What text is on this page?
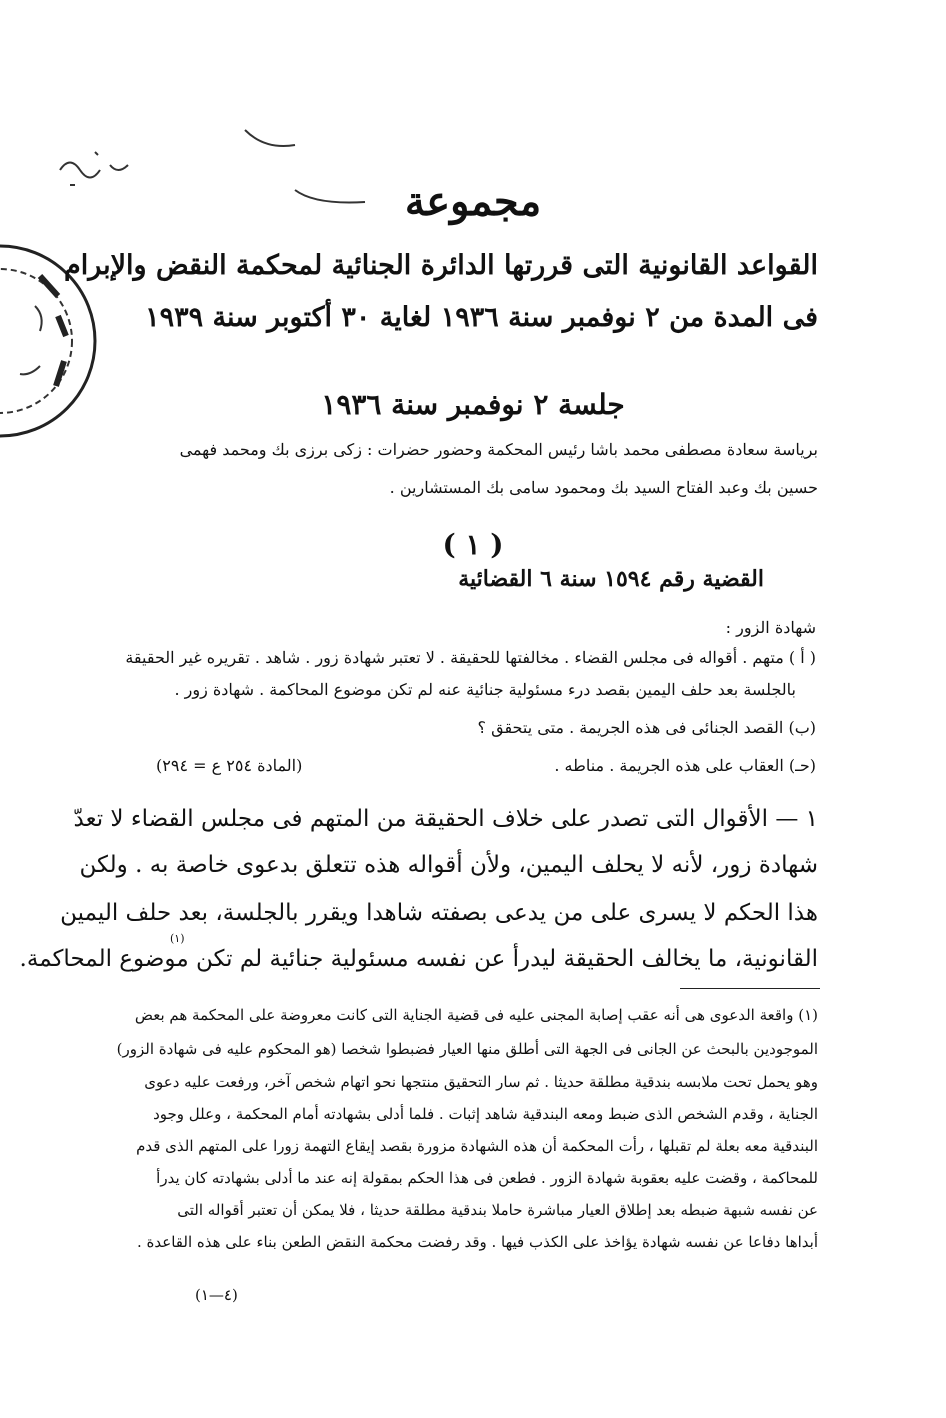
مجموعة
القواعد القانونية التى قررتها الدائرة الجنائية لمحكمة النقض والإبرام
فى المدة من ٢ نوفمبر سنة ١٩٣٦ لغاية ٣٠ أكتوبر سنة ١٩٣٩
جلسة ٢ نوفمبر سنة ١٩٣٦
برياسة سعادة مصطفى محمد باشا رئيس المحكمة وحضور حضرات : زكى برزى بك ومحمد فهمى
حسين بك وعبد الفتاح السيد بك ومحمود سامى بك المستشارين .
( ١ )
القضية رقم ١٥٩٤ سنة ٦ القضائية
شهادة الزور :
( أ ) متهم . أقواله فى مجلس القضاء . مخالفتها للحقيقة . لا تعتبر شهادة زور . شاهد . تقريره غير الحقيقة
بالجلسة بعد حلف اليمين بقصد درء مسئولية جنائية عنه لم تكن موضوع المحاكمة . شهادة زور .
(ب) القصد الجنائى فى هذه الجريمة . متى يتحقق ؟
(حـ) العقاب على هذه الجريمة . مناطه .
(المادة ٢٥٤ ع = ٢٩٤)
١ — الأقوال التى تصدر على خلاف الحقيقة من المتهم فى مجلس القضاء لا تعدّ
شهادة زور، لأنه لا يحلف اليمين، ولأن أقواله هذه تتعلق بدعوى خاصة به . ولكن
هذا الحكم لا يسرى على من يدعى بصفته شاهدا ويقرر بالجلسة، بعد حلف اليمين
القانونية، ما يخالف الحقيقة ليدرأ عن نفسه مسئولية جنائية لم تكن موضوع المحاكمة.
(١)
(١) واقعة الدعوى هى أنه عقب إصابة المجنى عليه فى قضية الجناية التى كانت معروضة على المحكمة هم بعض
الموجودين بالبحث عن الجانى فى الجهة التى أطلق منها العيار فضبطوا شخصا (هو المحكوم عليه فى شهادة الزور)
وهو يحمل تحت ملابسه بندقية مطلقة حديثا . ثم سار التحقيق منتجها نحو اتهام شخص آخر، ورفعت عليه دعوى
الجناية ، وقدم الشخص الذى ضبط ومعه البندقية شاهد إثبات . فلما أدلى بشهادته أمام المحكمة ، وعلل وجود
البندقية معه بعلة لم تقبلها ، رأت المحكمة أن هذه الشهادة مزورة بقصد إيقاع التهمة زورا على المتهم الذى قدم
للمحاكمة ، وقضت عليه بعقوبة شهادة الزور . فطعن فى هذا الحكم بمقولة إنه عند ما أدلى بشهادته كان يدرأ
عن نفسه شبهة ضبطه بعد إطلاق العيار مباشرة حاملا بندقية مطلقة حديثا ، فلا يمكن أن تعتبر أقواله التى
أبداها دفاعا عن نفسه شهادة يؤاخذ على الكذب فيها . وقد رفضت محكمة النقض الطعن بناء على هذه القاعدة .
(٤—١)
